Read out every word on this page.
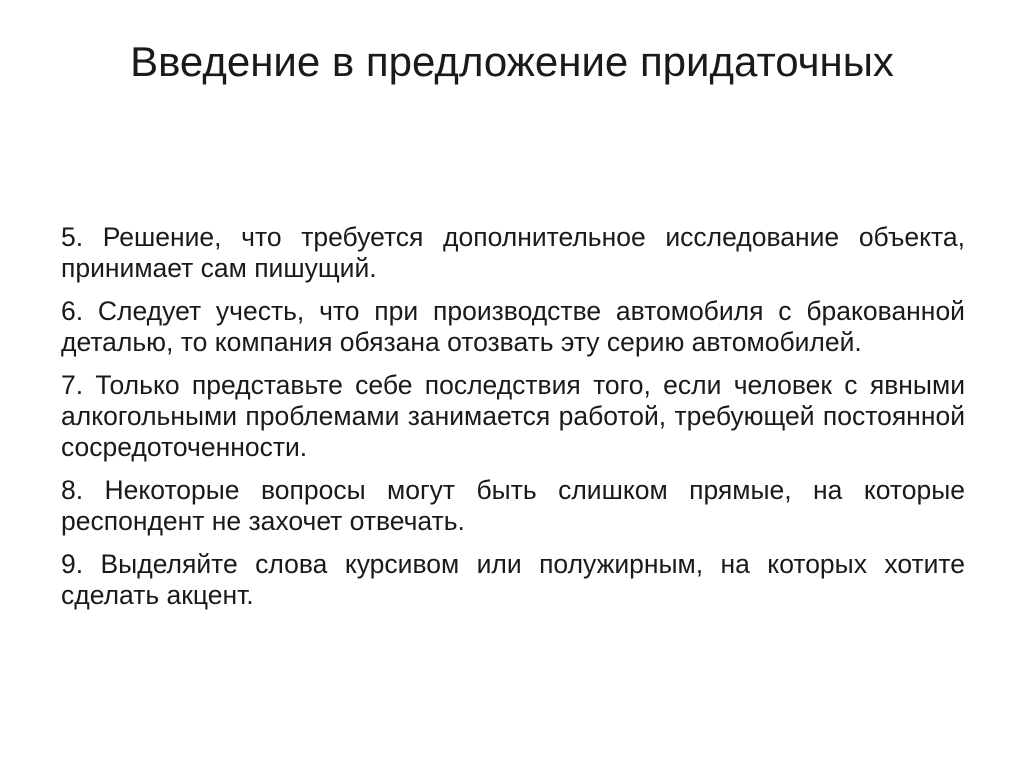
Введение в предложение придаточных
5. Решение, что требуется дополнительное исследование объекта, принимает сам пишущий.
6. Следует учесть, что при производстве автомобиля с бракованной деталью, то компания обязана отозвать эту серию автомобилей.
7. Только представьте себе последствия того, если человек с явными алкогольными проблемами занимается работой, требующей постоянной сосредоточенности.
8. Некоторые вопросы могут быть слишком прямые, на которые респондент не захочет отвечать.
9. Выделяйте слова курсивом или полужирным, на которых хотите сделать акцент.
